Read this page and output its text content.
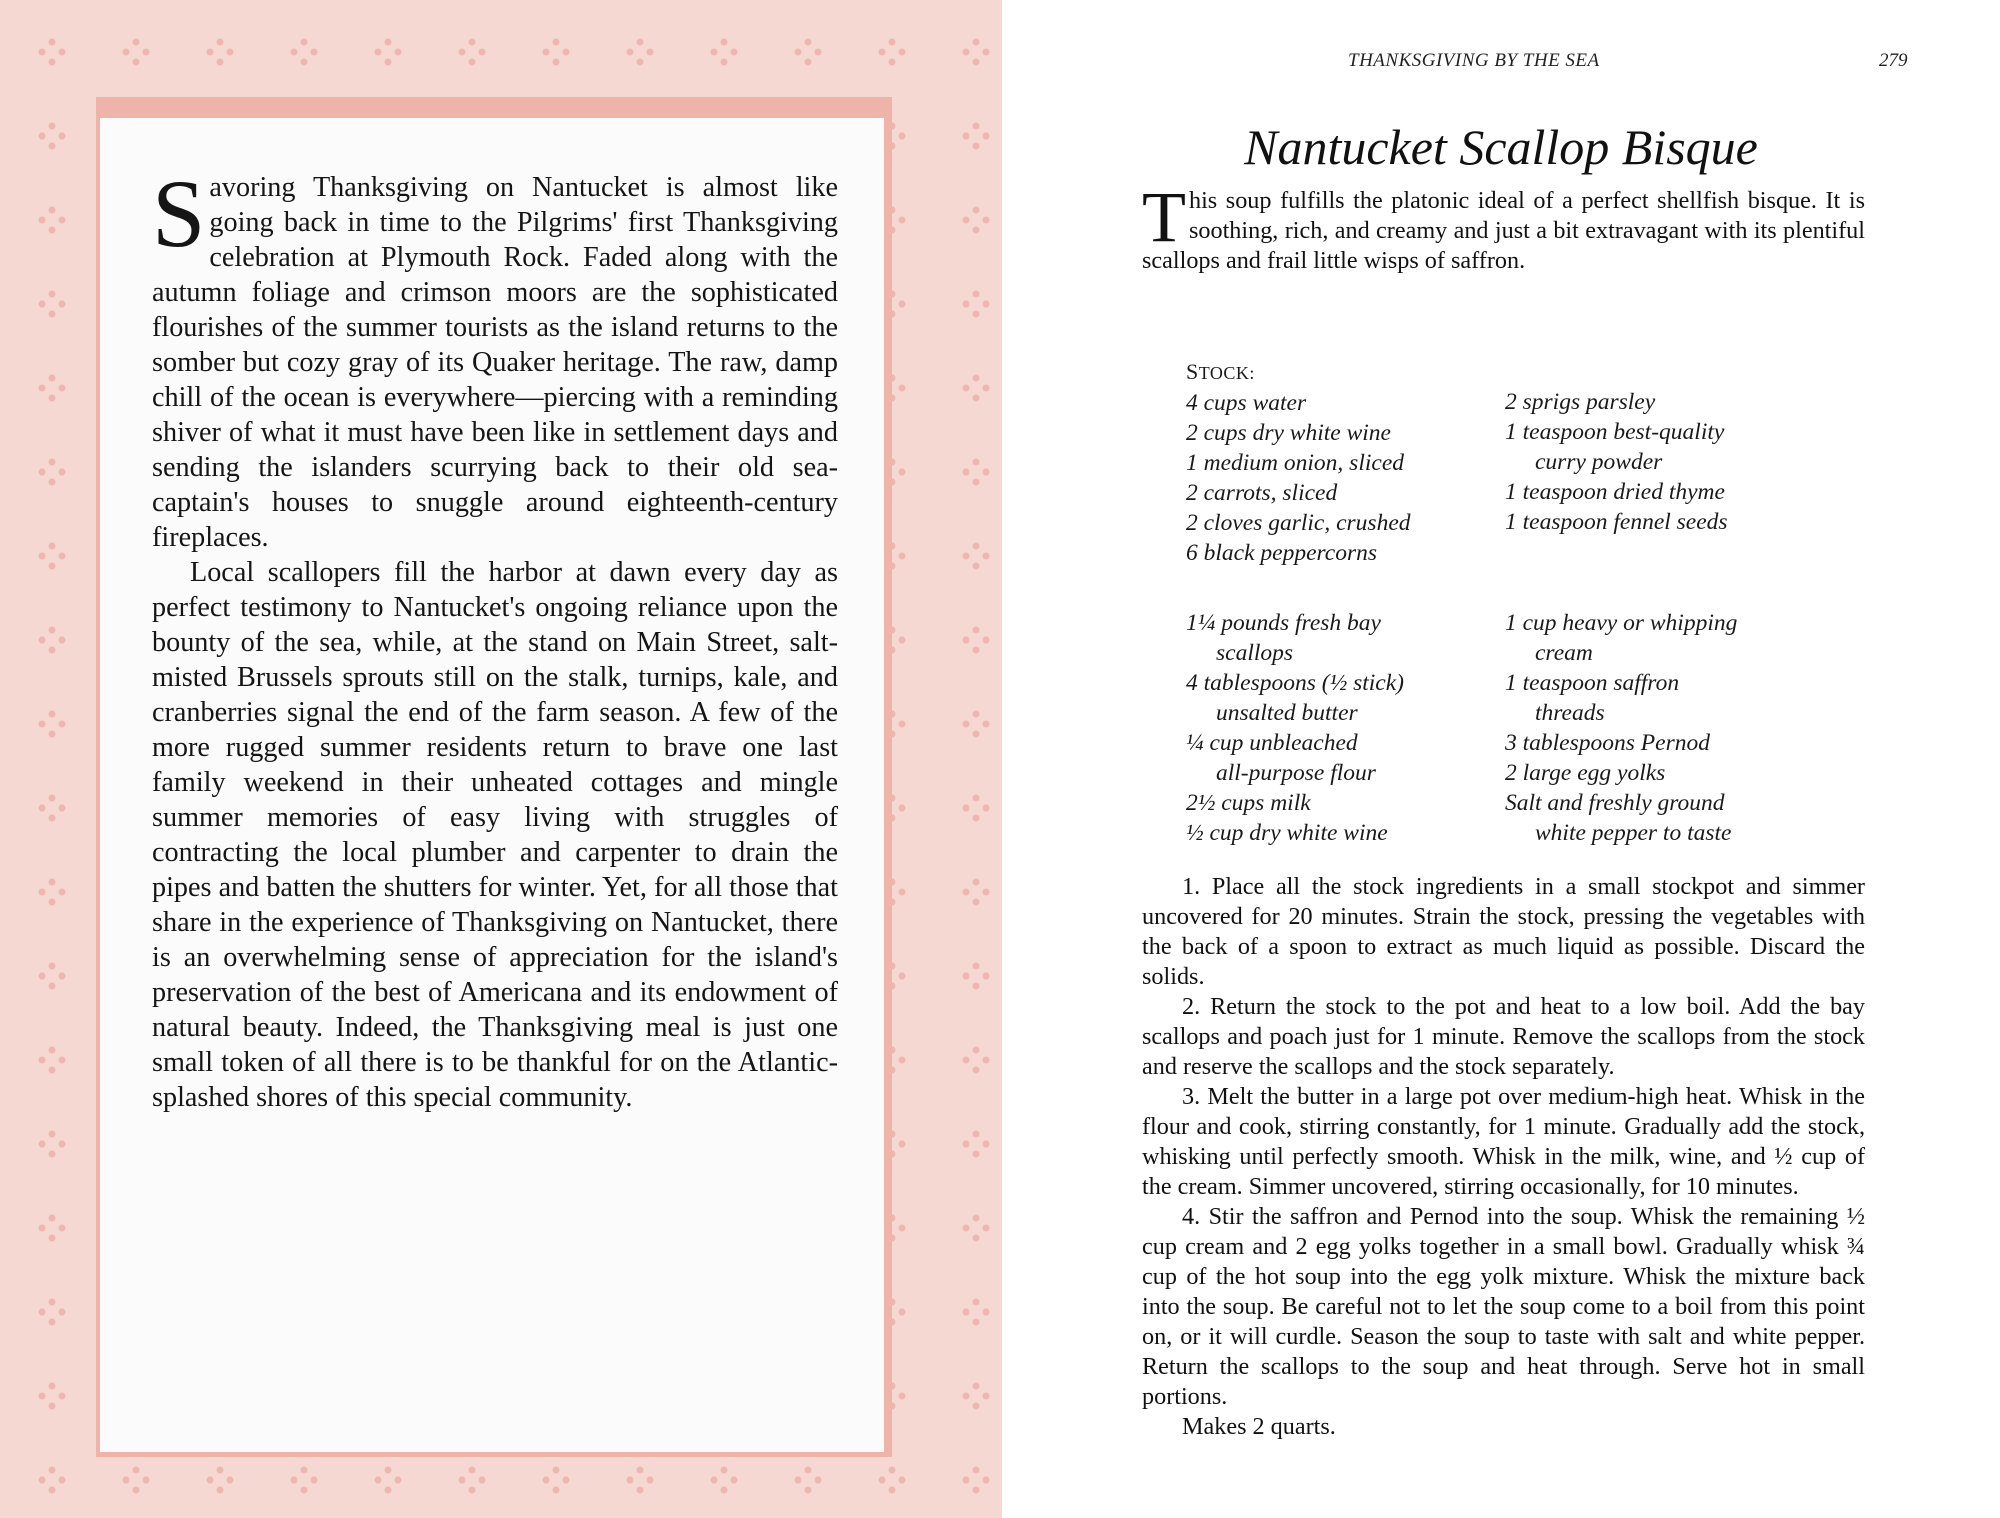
Savoring Thanksgiving on Nantucket is almost like going back in time to the Pilgrims' first Thanksgiving celebration at Plymouth Rock. Faded along with the autumn foliage and crimson moors are the sophisticated flourishes of the summer tourists as the island returns to the somber but cozy gray of its Quaker heritage. The raw, damp chill of the ocean is everywhere—piercing with a reminding shiver of what it must have been like in settlement days and sending the islanders scurrying back to their old sea-captain's houses to snuggle around eighteenth-century fireplaces.

Local scallopers fill the harbor at dawn every day as perfect testimony to Nantucket's ongoing reliance upon the bounty of the sea, while, at the stand on Main Street, salt-misted Brussels sprouts still on the stalk, turnips, kale, and cranberries signal the end of the farm season. A few of the more rugged summer residents return to brave one last family weekend in their unheated cottages and mingle summer memories of easy living with struggles of contracting the local plumber and carpenter to drain the pipes and batten the shutters for winter. Yet, for all those that share in the experience of Thanksgiving on Nantucket, there is an overwhelming sense of appreciation for the island's preservation of the best of Americana and its endowment of natural beauty. Indeed, the Thanksgiving meal is just one small token of all there is to be thankful for on the Atlantic-splashed shores of this special community.

THANKSGIVING BY THE SEA	279
Nantucket Scallop Bisque
This soup fulfills the platonic ideal of a perfect shellfish bisque. It is soothing, rich, and creamy and just a bit extravagant with its plentiful scallops and frail little wisps of saffron.
STOCK:
4 cups water
2 cups dry white wine
1 medium onion, sliced
2 carrots, sliced
2 cloves garlic, crushed
6 black peppercorns
2 sprigs parsley
1 teaspoon best-quality
curry powder
1 teaspoon dried thyme
1 teaspoon fennel seeds
1¼ pounds fresh bay
scallops
4 tablespoons (½ stick)
unsalted butter
¼ cup unbleached
all-purpose flour
2½ cups milk
½ cup dry white wine
1 cup heavy or whipping
cream
1 teaspoon saffron
threads
3 tablespoons Pernod
2 large egg yolks
Salt and freshly ground
white pepper to taste

1. Place all the stock ingredients in a small stockpot and simmer uncovered for 20 minutes. Strain the stock, pressing the vegetables with the back of a spoon to extract as much liquid as possible. Discard the solids.

2. Return the stock to the pot and heat to a low boil. Add the bay scallops and poach just for 1 minute. Remove the scallops from the stock and reserve the scallops and the stock separately.

3. Melt the butter in a large pot over medium-high heat. Whisk in the flour and cook, stirring constantly, for 1 minute. Gradually add the stock, whisking until perfectly smooth. Whisk in the milk, wine, and ½ cup of the cream. Simmer uncovered, stirring occasionally, for 10 minutes.

4. Stir the saffron and Pernod into the soup. Whisk the remaining ½ cup cream and 2 egg yolks together in a small bowl. Gradually whisk ¾ cup of the hot soup into the egg yolk mixture. Whisk the mixture back into the soup. Be careful not to let the soup come to a boil from this point on, or it will curdle. Season the soup to taste with salt and white pepper. Return the scallops to the soup and heat through. Serve hot in small portions.

Makes 2 quarts.
